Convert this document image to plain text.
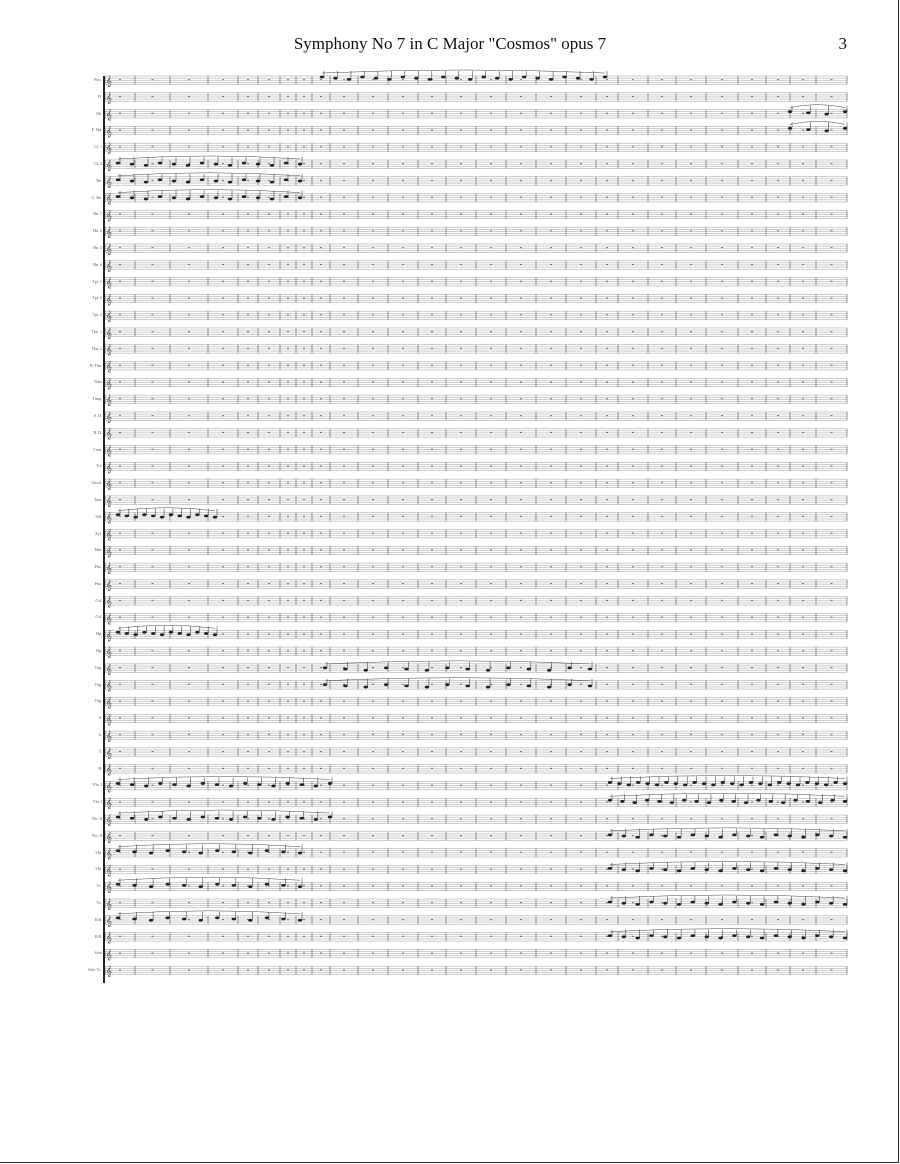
Symphony No 7 in C Major "Cosmos" opus 7	3
𝄞
𝄞
𝄞
𝄞
𝄞
𝄞
𝄞
𝄞
𝄞
𝄞
𝄞
𝄞
𝄞
𝄞
𝄞
𝄞
𝄞
𝄞
𝄞
𝄞
𝄞
𝄞
𝄞
𝄞
𝄞
𝄞
𝄞
𝄞
𝄞
𝄞
𝄞
𝄞
𝄞
𝄞
𝄞
𝄞
𝄞
𝄞
𝄞
𝄞
𝄞
𝄞
𝄞
𝄞
𝄞
𝄞
𝄞
𝄞
𝄞
𝄞
𝄞
𝄞
𝄞
𝄞
Picc.
Fl.
Ob.
E. Hn.
Cl. 1
Cl. 2
Bn.
C. Bn.
Hn. 1
Hn. 2
Hn. 3
Hn. 4
Tpt. 1
Tpt. 2
Tpt. 3
Tbn. 1
Tbn. 2
B. Tbn.
Tuba
Timp.
S. D.
B. D.
Cym.
Tri.
Glock.
Tam.
Vib.
Xyl.
Mar.
Pno.
Pno.
Cel.
Cel.
Hp.
Hp.
Org.
Org.
Org.
S.
A.
T.
B.
Vln. I
Vln. I
Vln. II
Vln. II
Vla.
Vla.
Vc.
Vc.
D.B.
D.B.
Solo
Solo Vc.
